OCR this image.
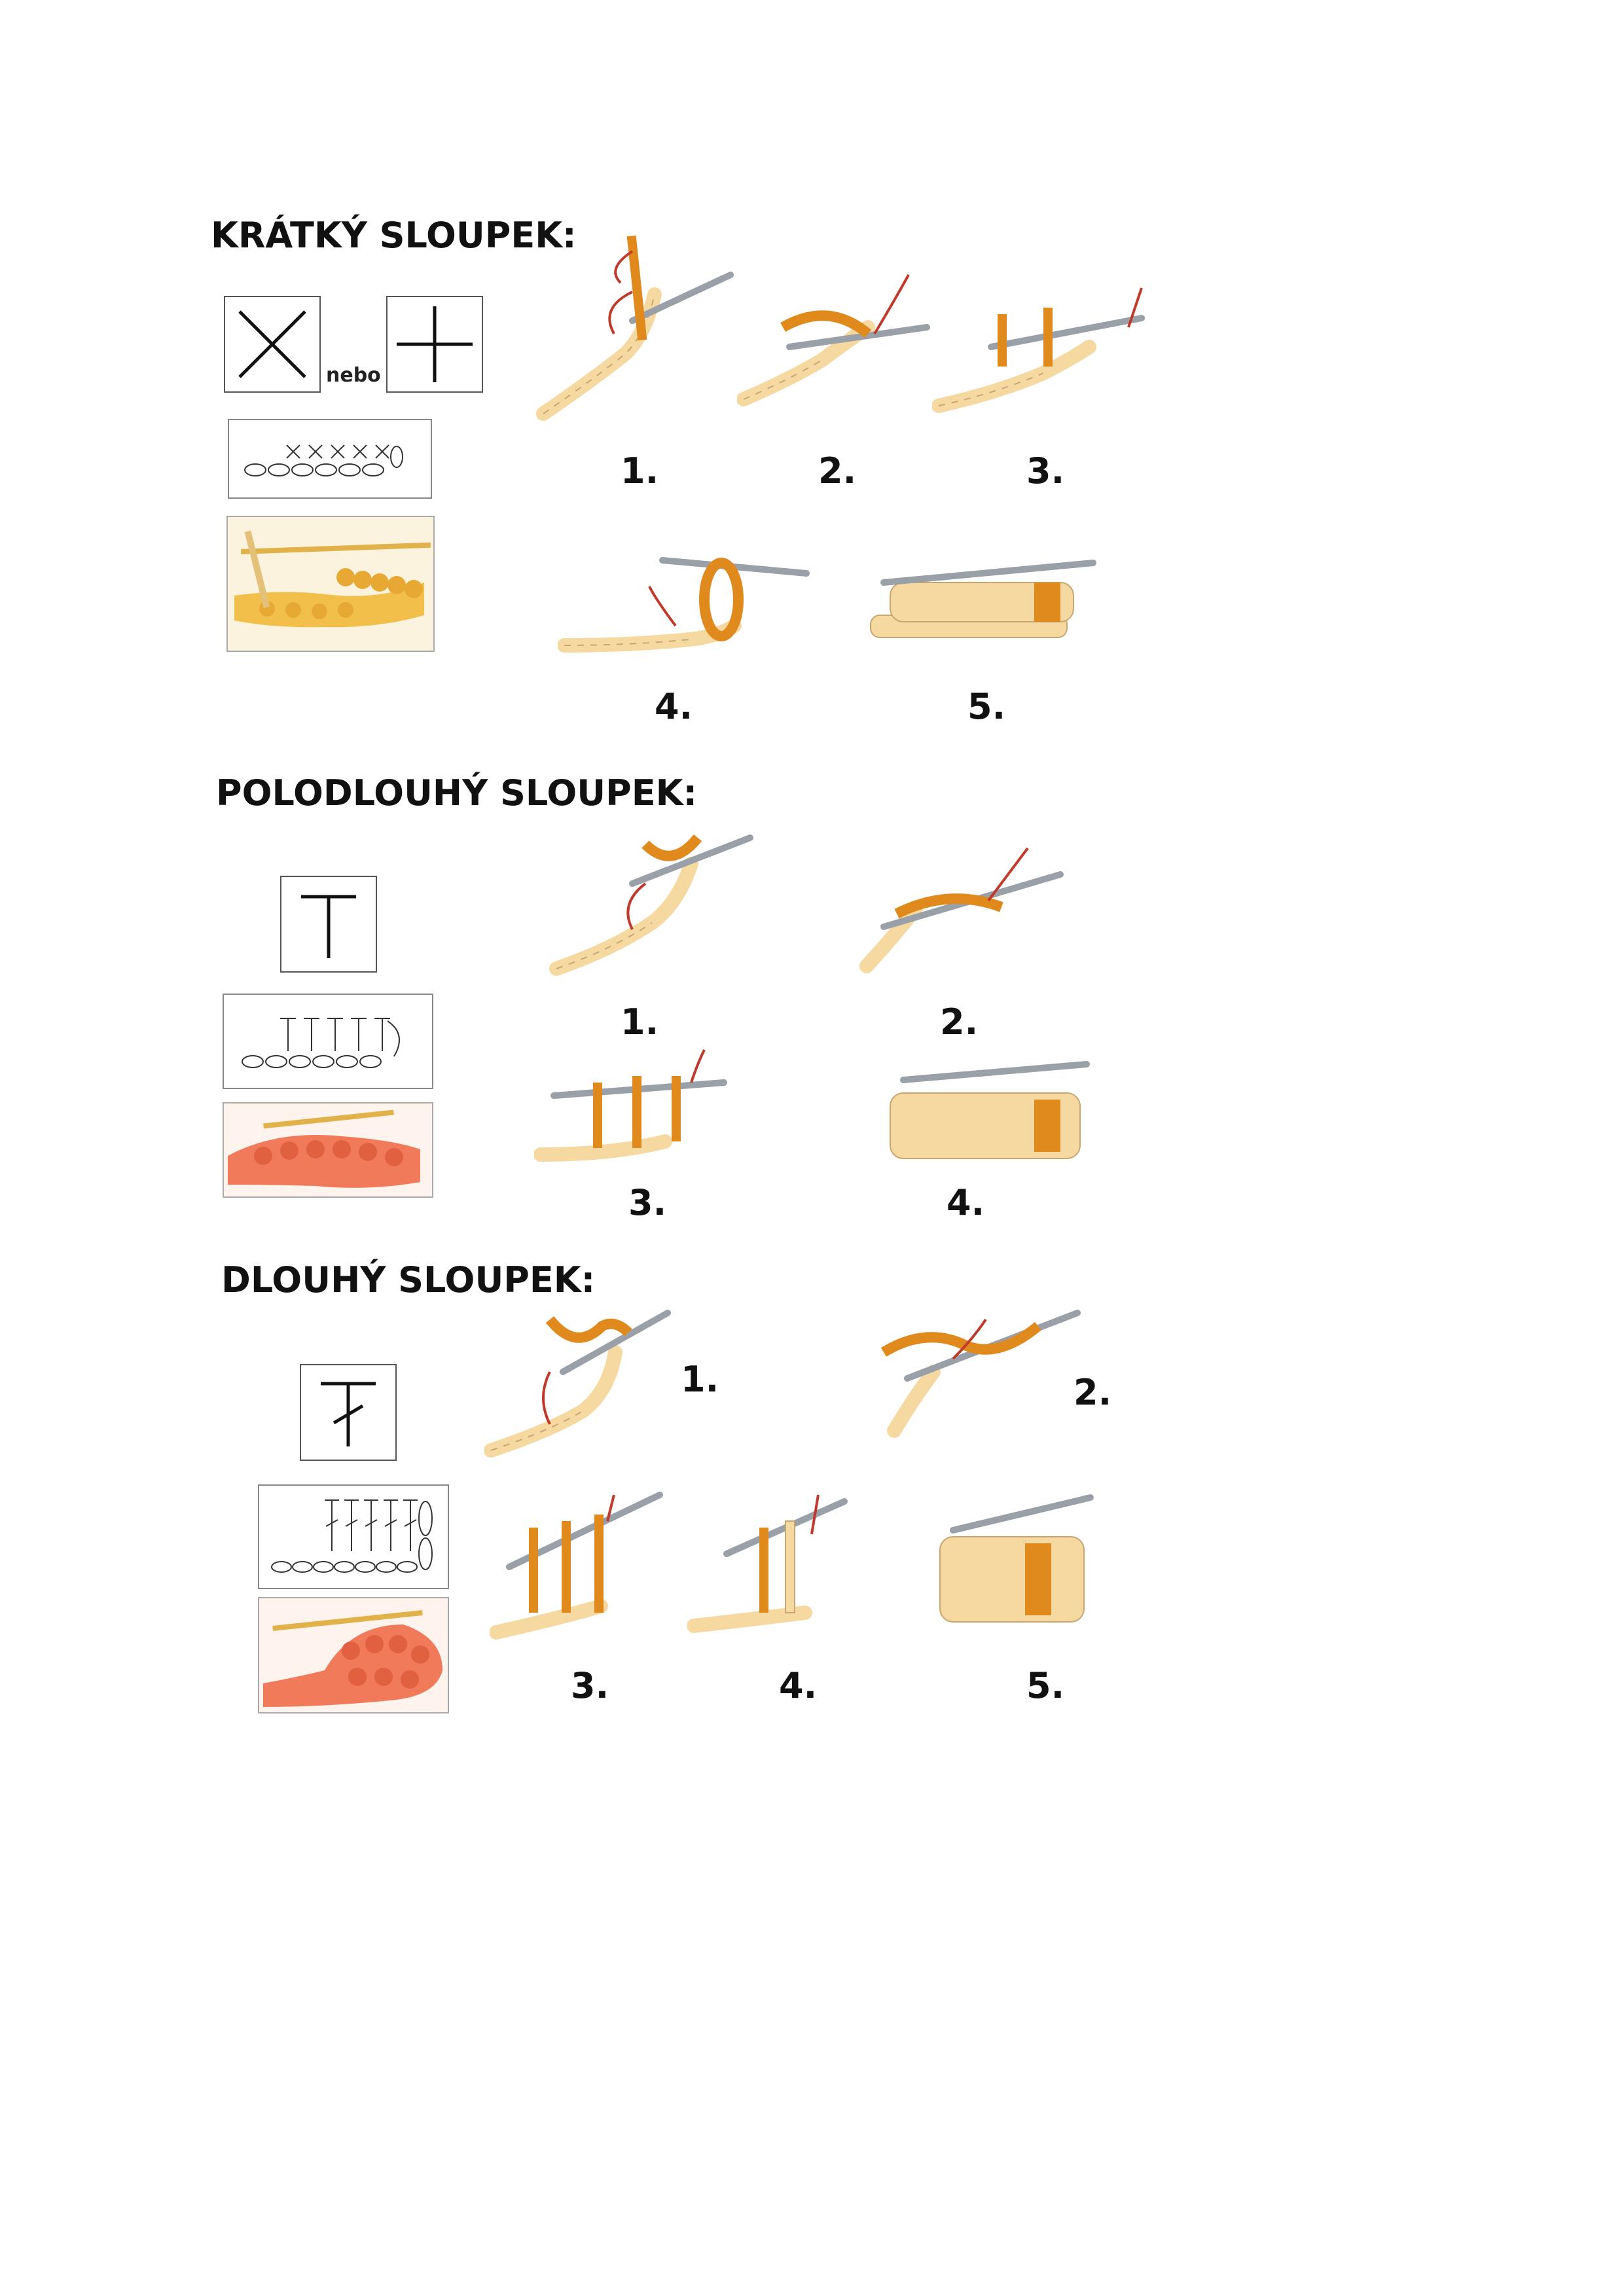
KRÁTKÝ SLOUPEK:
nebo
1.	2.	3.
4.	5.
POLODLOUHÝ SLOUPEK:
1.	2.
3.	4.
DLOUHÝ SLOUPEK:
1.	2.
3.	4.	5.
